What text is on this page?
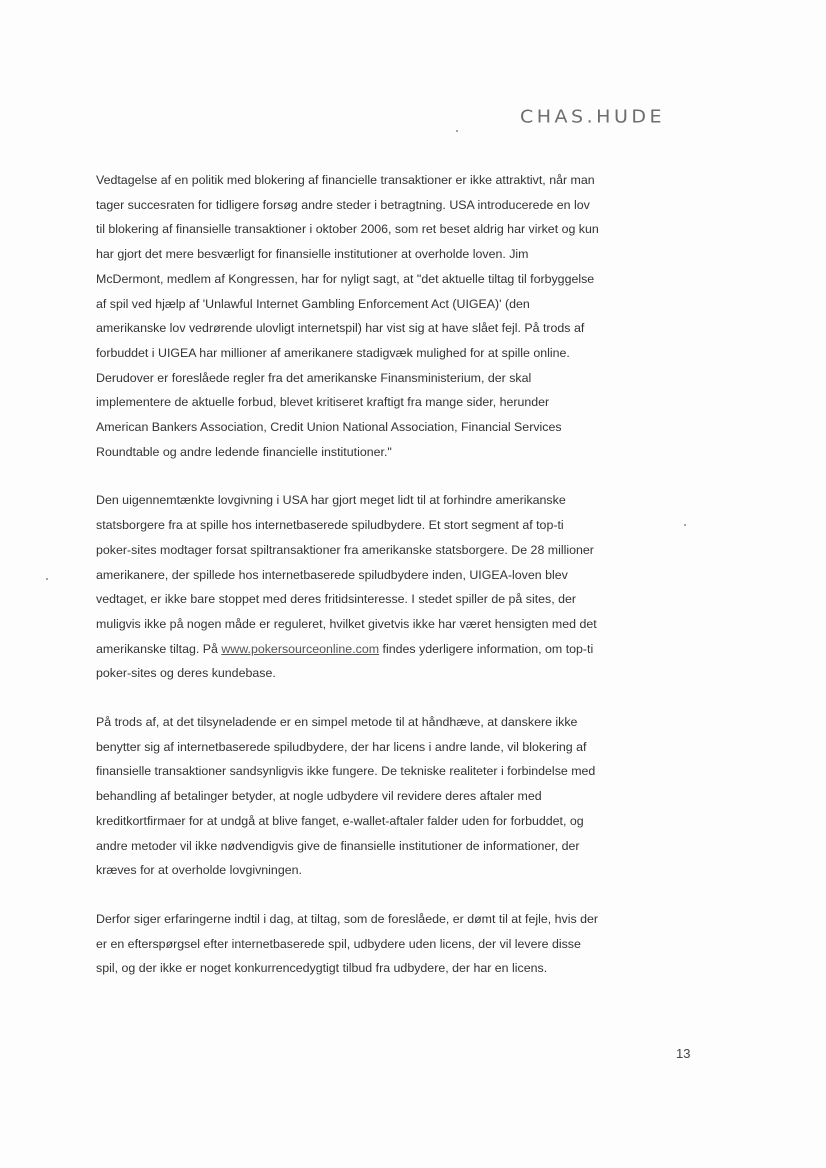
CHAS.HUDE

Vedtagelse af en politik med blokering af financielle transaktioner er ikke attraktivt, når man
tager succesraten for tidligere forsøg andre steder i betragtning. USA introducerede en lov
til blokering af finansielle transaktioner i oktober 2006, som ret beset aldrig har virket og kun
har gjort det mere besværligt for finansielle institutioner at overholde loven. Jim
McDermont, medlem af Kongressen, har for nyligt sagt, at "det aktuelle tiltag til forbyggelse
af spil ved hjælp af 'Unlawful Internet Gambling Enforcement Act (UIGEA)' (den
amerikanske lov vedrørende ulovligt internetspil) har vist sig at have slået fejl. På trods af
forbuddet i UIGEA har millioner af amerikanere stadigvæk mulighed for at spille online.
Derudover er foreslåede regler fra det amerikanske Finansministerium, der skal
implementere de aktuelle forbud, blevet kritiseret kraftigt fra mange sider, herunder
American Bankers Association, Credit Union National Association, Financial Services
Roundtable og andre ledende financielle institutioner."

Den uigennemtænkte lovgivning i USA har gjort meget lidt til at forhindre amerikanske
statsborgere fra at spille hos internetbaserede spiludbydere. Et stort segment af top-ti
poker-sites modtager forsat spiltransaktioner fra amerikanske statsborgere. De 28 millioner
amerikanere, der spillede hos internetbaserede spiludbydere inden, UIGEA-loven blev
vedtaget, er ikke bare stoppet med deres fritidsinteresse. I stedet spiller de på sites, der
muligvis ikke på nogen måde er reguleret, hvilket givetvis ikke har været hensigten med det
amerikanske tiltag. På www.pokersourceonline.com findes yderligere information, om top-ti
poker-sites og deres kundebase.

På trods af, at det tilsyneladende er en simpel metode til at håndhæve, at danskere ikke
benytter sig af internetbaserede spiludbydere, der har licens i andre lande, vil blokering af
finansielle transaktioner sandsynligvis ikke fungere. De tekniske realiteter i forbindelse med
behandling af betalinger betyder, at nogle udbydere vil revidere deres aftaler med
kreditkortfirmaer for at undgå at blive fanget, e-wallet-aftaler falder uden for forbuddet, og
andre metoder vil ikke nødvendigvis give de finansielle institutioner de informationer, der
kræves for at overholde lovgivningen.

Derfor siger erfaringerne indtil i dag, at tiltag, som de foreslåede, er dømt til at fejle, hvis der
er en efterspørgsel efter internetbaserede spil, udbydere uden licens, der vil levere disse
spil, og der ikke er noget konkurrencedygtigt tilbud fra udbydere, der har en licens.

13
